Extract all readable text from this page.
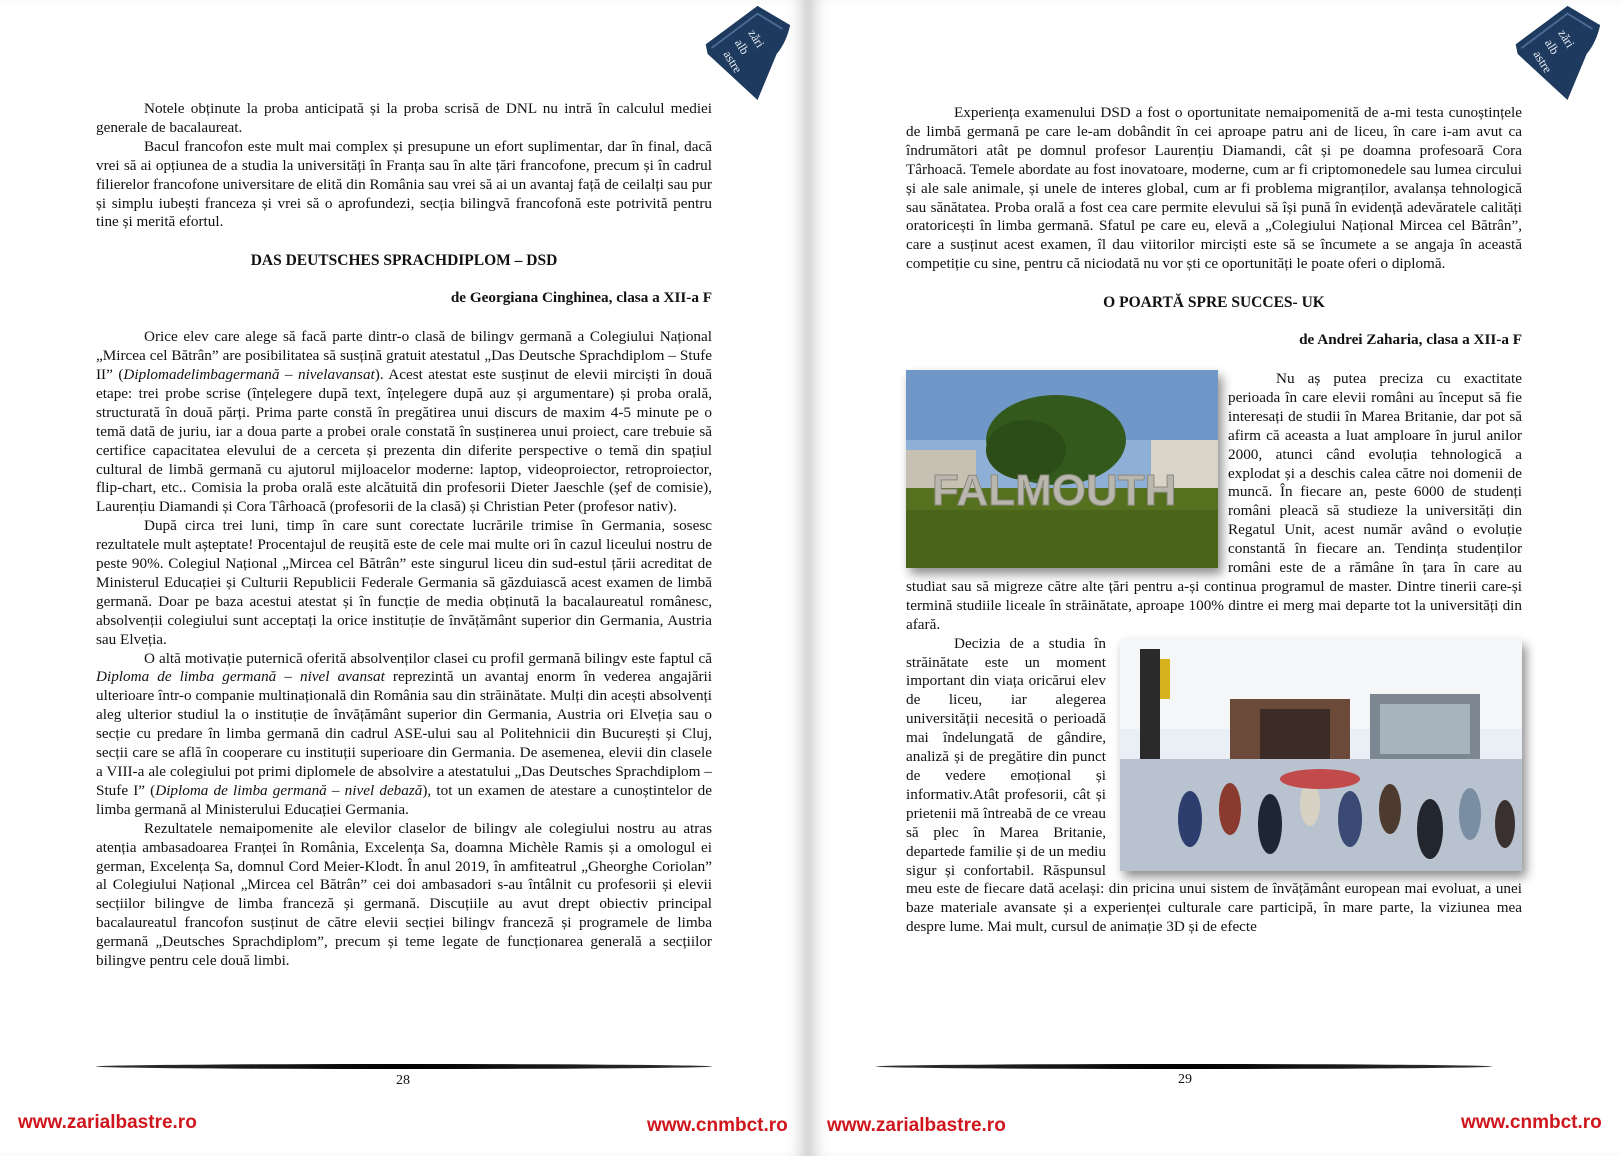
zări
alb
astre

Notele obținute la proba anticipată și la proba scrisă de DNL nu intră în calculul mediei generale de bacalaureat.

Bacul francofon este mult mai complex și presupune un efort suplimentar, dar în final, dacă vrei să ai opțiunea de a studia la universități în Franța sau în alte țări francofone, precum și în cadrul filierelor francofone universitare de elită din România sau vrei să ai un avantaj față de ceilalți sau pur și simplu iubești franceza și vrei să o aprofundezi, secția bilingvă francofonă este potrivită pentru tine și merită efortul.

DAS DEUTSCHES SPRACHDIPLOM – DSD

de Georgiana Cinghinea, clasa a XII-a F

Orice elev care alege să facă parte dintr-o clasă de bilingv germană a Colegiului Național „Mircea cel Bătrân” are posibilitatea să susțină gratuit atestatul „Das Deutsche Sprachdiplom – Stufe II” (Diplomadelimbagermană – nivelavansat). Acest atestat este susținut de elevii mirciști în două etape: trei probe scrise (înțelegere după text, înțelegere după auz și argumentare) și proba orală, structurată în două părți. Prima parte constă în pregătirea unui discurs de maxim 4-5 minute pe o temă dată de juriu, iar a doua parte a probei orale constată în susținerea unui proiect, care trebuie să certifice capacitatea elevului de a cerceta și prezenta din diferite perspective o temă din spațiul cultural de limbă germană cu ajutorul mijloacelor moderne: laptop, videoproiector, retroproiector, flip-chart, etc.. Comisia la proba orală este alcătuită din profesorii Dieter Jaeschle (șef de comisie), Laurențiu Diamandi și Cora Târhoacă (profesorii de la clasă) și Christian Peter (profesor nativ).

După circa trei luni, timp în care sunt corectate lucrările trimise în Germania, sosesc rezultatele mult așteptate! Procentajul de reușită este de cele mai multe ori în cazul liceului nostru de peste 90%. Colegiul Național „Mircea cel Bătrân” este singurul liceu din sud-estul țării acreditat de Ministerul Educației și Culturii Republicii Federale Germania să găzduiască acest examen de limbă germană. Doar pe baza acestui atestat și în funcție de media obținută la bacalaureatul românesc, absolvenții colegiului sunt acceptați la orice instituție de învățământ superior din Germania, Austria sau Elveția.

O altă motivație puternică oferită absolvenților clasei cu profil germană bilingv este faptul că Diploma de limba germană – nivel avansat reprezintă un avantaj enorm în vederea angajării ulterioare într-o companie multinațională din România sau din străinătate. Mulți din acești absolvenți aleg ulterior studiul la o instituție de învățământ superior din Germania, Austria ori Elveția sau o secție cu predare în limba germană din cadrul ASE-ului sau al Politehnicii din București și Cluj, secții care se află în cooperare cu instituții superioare din Germania. De asemenea, elevii din clasele a VIII-a ale colegiului pot primi diplomele de absolvire a atestatului „Das Deutsches Sprachdiplom – Stufe I” (Diploma de limba germană – nivel debază), tot un examen de atestare a cunoștintelor de limba germană al Ministerului Educației Germania.

Rezultatele nemaipomenite ale elevilor claselor de bilingv ale colegiului nostru au atras atenția ambasadoarea Franței în România, Excelența Sa, doamna Michèle Ramis și a omologul ei german, Excelența Sa, domnul Cord Meier-Klodt. În anul 2019, în amfiteatrul „Gheorghe Coriolan” al Colegiului Național „Mircea cel Bătrân” cei doi ambasadori s-au întâlnit cu profesorii și elevii secțiilor bilingve de limba franceză și germană. Discuțiile au avut drept obiectiv principal bacalaureatul francofon susținut de către elevii secției bilingv franceză și programele de limba germană „Deutsches Sprachdiplom”, precum și teme legate de funcționarea generală a secțiilor bilingve pentru cele două limbi.

28
www.zarialbastre.ro	www.cnmbct.ro
zări
alb
astre

Experiența examenului DSD a fost o oportunitate nemaipomenită de a-mi testa cunoștințele de limbă germană pe care le-am dobândit în cei aproape patru ani de liceu, în care i-am avut ca îndrumători atât pe domnul profesor Laurențiu Diamandi, cât și pe doamna profesoară Cora Târhoacă. Temele abordate au fost inovatoare, moderne, cum ar fi criptomonedele sau lumea circului și ale sale animale, și unele de interes global, cum ar fi problema migranților, avalanșa tehnologică sau sănătatea. Proba orală a fost cea care permite elevului să își pună în evidență adevăratele calități oratorice​ști în limba germană. Sfatul pe care eu, elevă a „Colegiului Național Mircea cel Bătrân”, care a susținut acest examen, îl dau viitorilor mirciști este să se încumete a se angaja în această competiție cu sine, pentru că niciodată nu vor ști ce oportunități le poate oferi o diplomă.

O POARTĂ SPRE SUCCES- UK

de Andrei Zaharia, clasa a XII-a F

FALMOUTH

Nu aș putea preciza cu exactitate perioada în care elevii români au început să fie interesați de studii în Marea Britanie, dar pot să afirm că aceasta a luat amploare în jurul anilor 2000, atunci când evoluția tehnologică a explodat și a deschis calea către noi domenii de muncă. În fiecare an, peste 6000 de studenți români pleacă să studieze la universități din Regatul Unit, acest număr având o evoluție constantă în fiecare an. Tendința studenților români este de a rămâne în țara în care au studiat sau să migreze către alte țări pentru a-și continua programul de master. Dintre tinerii care-și termină studiile liceale în străinătate, aproape 100% dintre ei merg mai departe tot la universități din afară.

Decizia de a studia în străinătate este un moment important din viața oricărui elev de liceu, iar alegerea universității necesită o perioadă mai îndelungată de gândire, analiză și de pregătire din punct de vedere emoțional și informativ.Atât profesorii, cât și prietenii mă întreabă de ce vreau să plec în Marea Britanie, departede familie și de un mediu sigur și confortabil. Răspunsul meu este de fiecare dată același: din pricina unui sistem de învățământ european mai evoluat, a unei baze materiale avansate și a experienței culturale care participă, în mare parte, la viziunea mea despre lume. Mai mult, cursul de animație 3D și de efecte

29
www.zarialbastre.ro	www.cnmbct.ro
